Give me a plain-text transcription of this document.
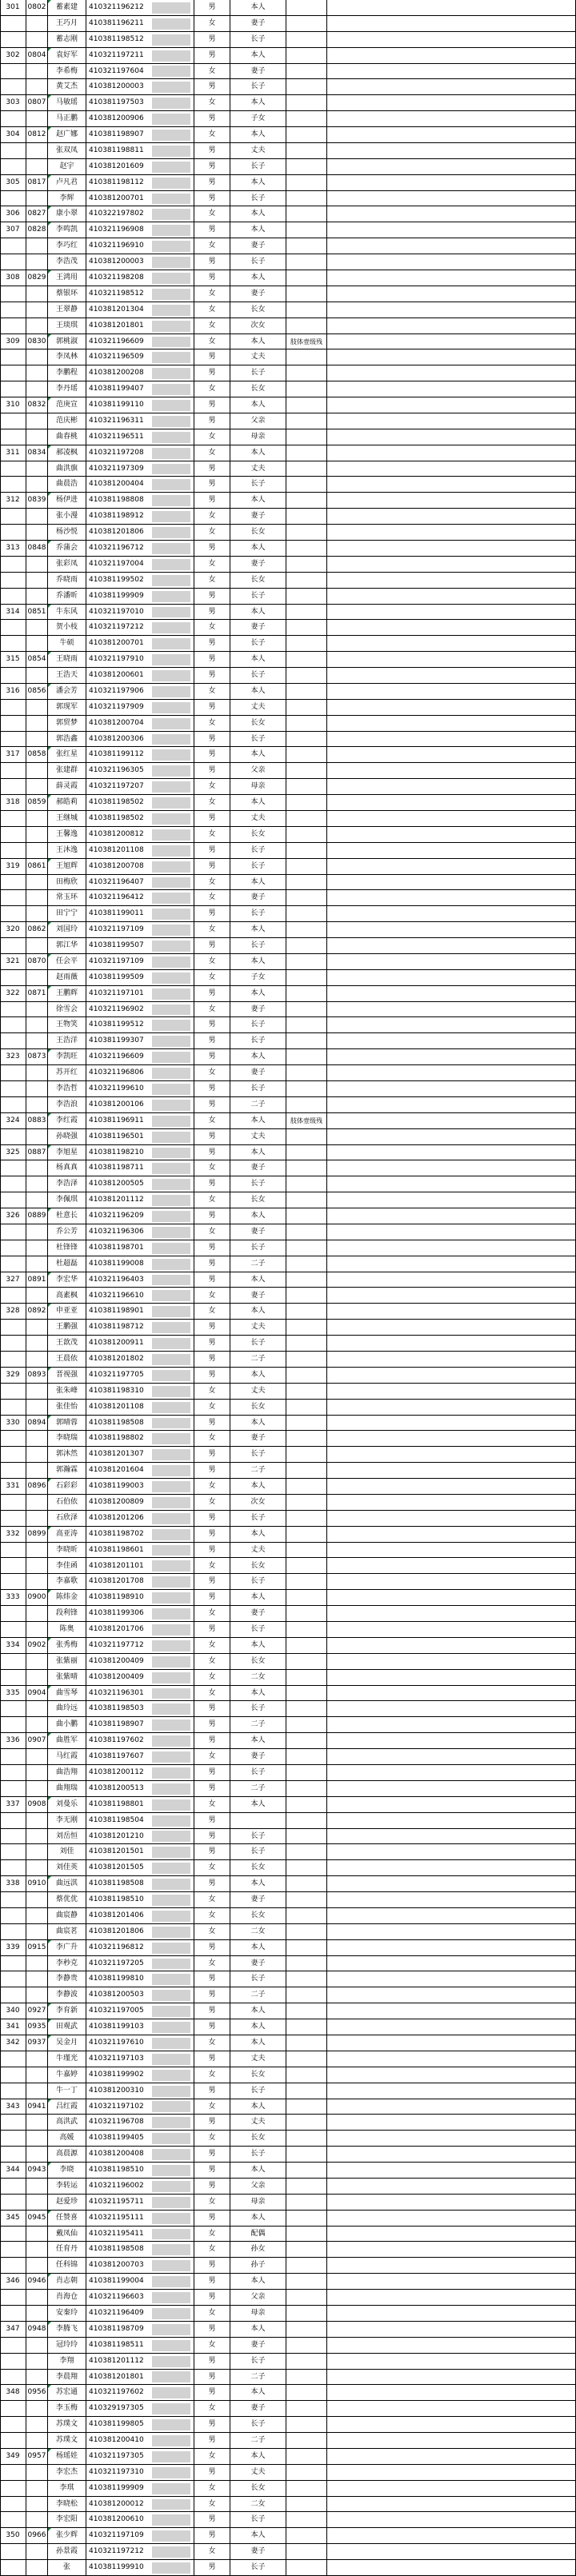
301	0802	蓄素建	410321196212	男	本人
王巧月	410381196211	女	妻子
蓄志刚	410381198512	男	长子
302	0804	袁好军	410321197211	男	本人
李希梅	410321197604	女	妻子
黄艾杰	410381200003	男	长子
303	0807	马敏瑶	410381197503	女	本人
马正鹏	410381200906	男	子女
304	0812	赵广娜	410381198907	女	本人
张双凤	410381198811	男	丈夫
赵宇	410381201609	男	长子
305	0817	卢凡君	410381198112	男	本人
李辉	410381200701	男	长子
306	0827	康小翠	410322197802	女	本人
307	0828	李鸣凯	410321196908	男	本人
李巧红	410321196910	女	妻子
李浩茂	410381200003	男	长子
308	0829	王鸿用	410321198208	男	本人
蔡银环	410321198512	女	妻子
王翠静	410381201304	女	长女
王琰琪	410381201801	女	次女
309	0830	郭桃淑	410321196609	女	本人	肢体壹级残
李凤林	410321196509	男	丈夫
李鹏程	410381200208	男	长子
李丹瑶	410381199407	女	长女
310	0832	范庚宣	410381199110	男	本人
范庆彬	410321196311	男	父亲
曲春桃	410321196511	女	母亲
311	0834	郝凌枫	410321197208	女	本人
曲洪旗	410321197309	男	丈夫
曲晨浩	410381200404	男	长子
312	0839	杨伊进	410381198808	男	本人
张小漫	410381198912	女	妻子
杨沙悦	410381201806	女	长女
313	0848	乔蒲会	410321196712	男	本人
张彩凤	410321197004	女	妻子
乔晓雨	410381199502	女	长女
乔潘昕	410381199909	男	长子
314	0851	牛东风	410321197010	男	本人
贺小枝	410321197212	女	妻子
牛硕	410381200701	男	长子
315	0854	王晓雨	410321197910	男	本人
王浩天	410381200601	男	长子
316	0856	潘会芳	410321197906	女	本人
郭现军	410321197909	男	丈夫
郭贸梦	410381200704	女	长女
郭浩鑫	410381200306	男	长子
317	0858	张红星	410381199112	男	本人
张建群	410321196305	男	父亲
薛灵霞	410321197207	女	母亲
318	0859	郝皓莉	410381198502	女	本人
王继城	410381198502	男	丈夫
王馨逸	410381200812	女	长女
王沐逸	410381201108	男	长子
319	0861	王旭辉	410381200708	男	长子
田梅欣	410321196407	女	本人
常玉环	410321196412	女	妻子
田宁宁	410381199011	男	长子
320	0862	刘国玲	410321197109	女	本人
郭江华	410381199507	男	长子
321	0870	任会平	410321197109	女	本人
赵雨薇	410381199509	女	子女
322	0871	王鹏辉	410321197101	男	本人
徐雪会	410321196902	女	妻子
王物笑	410381199512	男	长子
王浩洋	410381199307	男	长子
323	0873	李凯旺	410321196609	男	本人
苏开红	410321196806	女	妻子
李浩哲	410321199610	男	长子
李浩浪	410381200106	男	二子
324	0883	李红霞	410381196911	女	本人	肢体壹级残
孙晓强	410381196501	男	丈夫
325	0887	李旭星	410381198210	男	本人
杨真真	410381198711	女	妻子
李浩泽	410381200505	男	长子
李佩琪	410381201112	女	长女
326	0889	杜意长	410321196209	男	本人
乔公芳	410321196306	女	妻子
杜锋锋	410381198701	男	长子
杜超磊	410381199008	男	二子
327	0891	李宏华	410321196403	男	本人
高素枫	410321196610	女	妻子
328	0892	申亚亚	410381198901	女	本人
王鹏强	410381198712	男	丈夫
王歆茂	410381200911	男	长子
王晨依	410381201802	男	二子
329	0893	晋视强	410321197705	男	本人
张朱峰	410381198310	女	丈夫
张佳怡	410381201108	女	长女
330	0894	郭晴蓉	410381198508	男	本人
李晓瑞	410381198802	女	妻子
郭沐然	410381201307	男	长子
郭瀚霖	410381201604	男	二子
331	0896	石彩彩	410381199003	女	本人
石伯依	410381200809	女	次女
石欣泽	410381201206	男	长子
332	0899	高亚涛	410381198702	男	本人
李晓昕	410381198601	男	丈夫
李佳函	410381201101	女	长女
李嘉歌	410381201708	男	长子
333	0900	陈炜金	410381198910	男	本人
段利锋	410381199306	女	妻子
陈奥	410381201706	男	长子
334	0902	张秀梅	410321197712	女	本人
张紫丽	410381200409	女	长女
张紫晴	410381200409	女	二女
335	0904	曲雪琴	410321196301	女	本人
曲玲远	410381198503	男	长子
曲小鹏	410381198907	男	二子
336	0907	曲胜军	410381197602	男	本人
马红霞	410381197607	女	妻子
曲浩翔	410381200112	男	长子
曲翔瑞	410381200513	男	二子
337	0908	刘曼乐	410381198801	女	本人
李无刚	410381198504	男
刘岳恒	410381201210	男	长子
刘佳	410381201501	男	长子
刘佳英	410381201505	女	长女
338	0910	曲远淇	410381198508	男	本人
蔡优优	410381198510	女	妻子
曲宸静	410381201406	女	长女
曲宸茗	410381201806	女	二女
339	0915	李广升	410321196812	男	本人
李秒克	410321197205	女	妻子
李静贵	410381199810	男	长子
李静波	410381200503	男	二子
340	0927	李育新	410321197005	男	本人
341	0935	田观武	410381199103	男	本人
342	0937	吴金月	410321197610	女	本人
牛瑾光	410321197103	男	丈夫
牛嘉婷	410381199902	女	长女
牛一丁	410381200310	男	长子
343	0941	吕红霞	410321197102	女	本人
高洪武	410321196708	男	丈夫
高媛	410381199405	女	长女
高晨源	410381200408	男	长子
344	0943	李晓	410381198510	男	本人
李转运	410321196002	男	父亲
赵爱珍	410321195711	女	母亲
345	0945	任赞喜	410321195111	男	本人
戴凤仙	410321195411	女	配偶
任育丹	410381198508	女	孙女
任科锦	410381200703	男	孙子
346	0946	肖志朝	410381199004	男	本人
肖海仓	410321196603	男	父亲
安秦玲	410321196409	女	母亲
347	0948	李腾飞	410381198709	男	本人
冠玲玲	410381198511	女	妻子
李翔	410381201112	男	长子
李晨翔	410381201801	男	二子
348	0956	苏宏通	410321197602	男	本人
李玉梅	410329197305	女	妻子
苏璞文	410381199805	男	长子
苏璞文	410381200410	男	二子
349	0957	杨瑶娃	410321197305	女	本人
李宏杰	410321197310	男	丈夫
李琪	410381199909	女	长女
李晓松	410381200012	女	二女
李宏阳	410381200610	男	长子
350	0966	张少辉	410321197109	男	本人
孙景霞	410321197212	女	妻子
张	410381199910	男	长子
